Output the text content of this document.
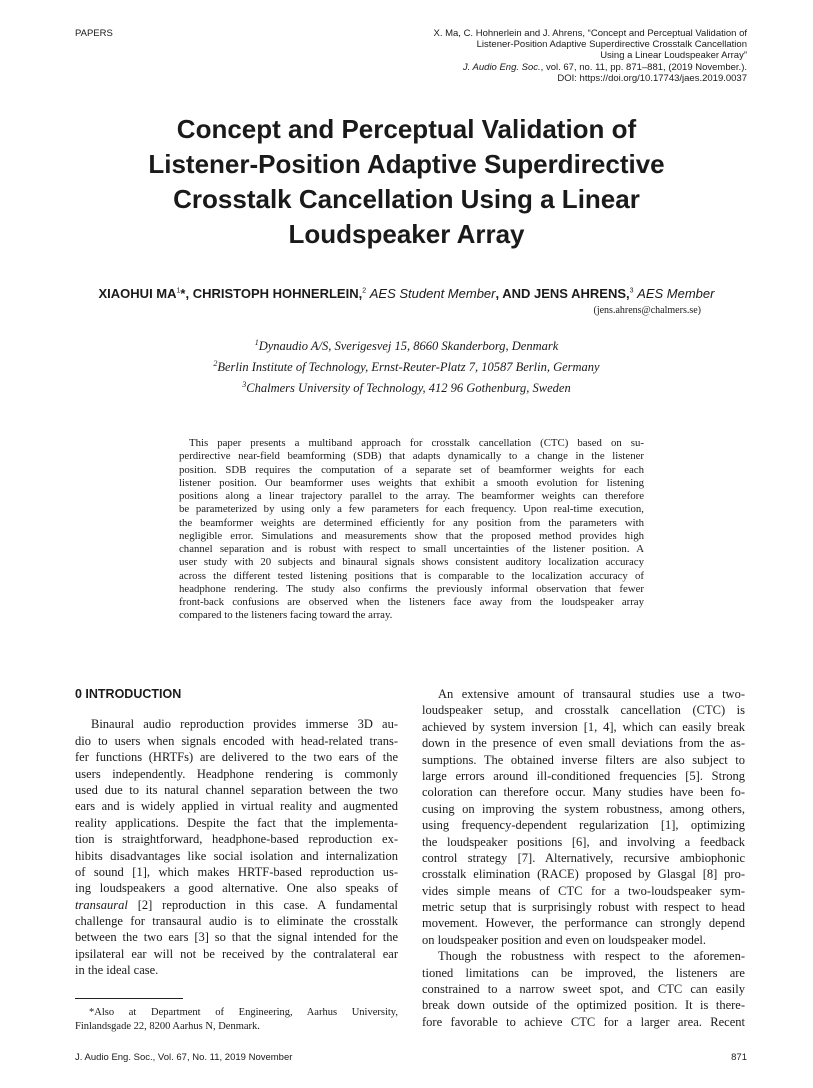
PAPERS	X. Ma, C. Hohnerlein and J. Ahrens, “Concept and Perceptual Validation of
Listener-Position Adaptive Superdirective Crosstalk Cancellation
Using a Linear Loudspeaker Array”
J. Audio Eng. Soc., vol. 67, no. 11, pp. 871–881, (2019 November.).
DOI: https://doi.org/10.17743/jaes.2019.0037
Concept and Perceptual Validation of
Listener-Position Adaptive Superdirective
Crosstalk Cancellation Using a Linear
Loudspeaker Array
XIAOHUI $MA^1*$, CHRISTOPH HOHNERLEIN,$^2$ AES Student Member, AND JENS AHRENS,$^3$ AES Member
(jens.ahrens@chalmers.se)
$^1$Dynaudio A/S, Sverigesvej 15, 8660 Skanderborg, Denmark
$^2$Berlin Institute of Technology, Ernst-Reuter-Platz 7, 10587 Berlin, Germany
$^3$Chalmers University of Technology, 412 96 Gothenburg, Sweden
This paper presents a multiband approach for crosstalk cancellation (CTC) based on su-
perdirective near-field beamforming (SDB) that adapts dynamically to a change in the listener
position. SDB requires the computation of a separate set of beamformer weights for each
listener position. Our beamformer uses weights that exhibit a smooth evolution for listening
positions along a linear trajectory parallel to the array. The beamformer weights can therefore
be parameterized by using only a few parameters for each frequency. Upon real-time execution,
the beamformer weights are determined efficiently for any position from the parameters with
negligible error. Simulations and measurements show that the proposed method provides high
channel separation and is robust with respect to small uncertainties of the listener position. A
user study with 20 subjects and binaural signals shows consistent auditory localization accuracy
across the different tested listening positions that is comparable to the localization accuracy of
headphone rendering. The study also confirms the previously informal observation that fewer
front-back confusions are observed when the listeners face away from the loudspeaker array
compared to the listeners facing toward the array.
0 INTRODUCTION
Binaural audio reproduction provides immerse 3D au-
dio to users when signals encoded with head-related trans-
fer functions (HRTFs) are delivered to the two ears of the
users independently. Headphone rendering is commonly
used due to its natural channel separation between the two
ears and is widely applied in virtual reality and augmented
reality applications. Despite the fact that the implementa-
tion is straightforward, headphone-based reproduction ex-
hibits disadvantages like social isolation and internalization
of sound [1], which makes HRTF-based reproduction us-
ing loudspeakers a good alternative. One also speaks of
transaural [2] reproduction in this case. A fundamental
challenge for transaural audio is to eliminate the crosstalk
between the two ears [3] so that the signal intended for the
ipsilateral ear will not be received by the contralateral ear
in the ideal case.
*Also at Department of Engineering, Aarhus University,
Finlandsgade 22, 8200 Aarhus N, Denmark.
An extensive amount of transaural studies use a two-
loudspeaker setup, and crosstalk cancellation (CTC) is
achieved by system inversion [1, 4], which can easily break
down in the presence of even small deviations from the as-
sumptions. The obtained inverse filters are also subject to
large errors around ill-conditioned frequencies [5]. Strong
coloration can therefore occur. Many studies have been fo-
cusing on improving the system robustness, among others,
using frequency-dependent regularization [1], optimizing
the loudspeaker positions [6], and involving a feedback
control strategy [7]. Alternatively, recursive ambiophonic
crosstalk elimination (RACE) proposed by Glasgal [8] pro-
vides simple means of CTC for a two-loudspeaker sym-
metric setup that is surprisingly robust with respect to head
movement. However, the performance can strongly depend
on loudspeaker position and even on loudspeaker model.
Though the robustness with respect to the aforemen-
tioned limitations can be improved, the listeners are
constrained to a narrow sweet spot, and CTC can easily
break down outside of the optimized position. It is there-
fore favorable to achieve CTC for a larger area. Recent
J. Audio Eng. Soc., Vol. 67, No. 11, 2019 November	871
